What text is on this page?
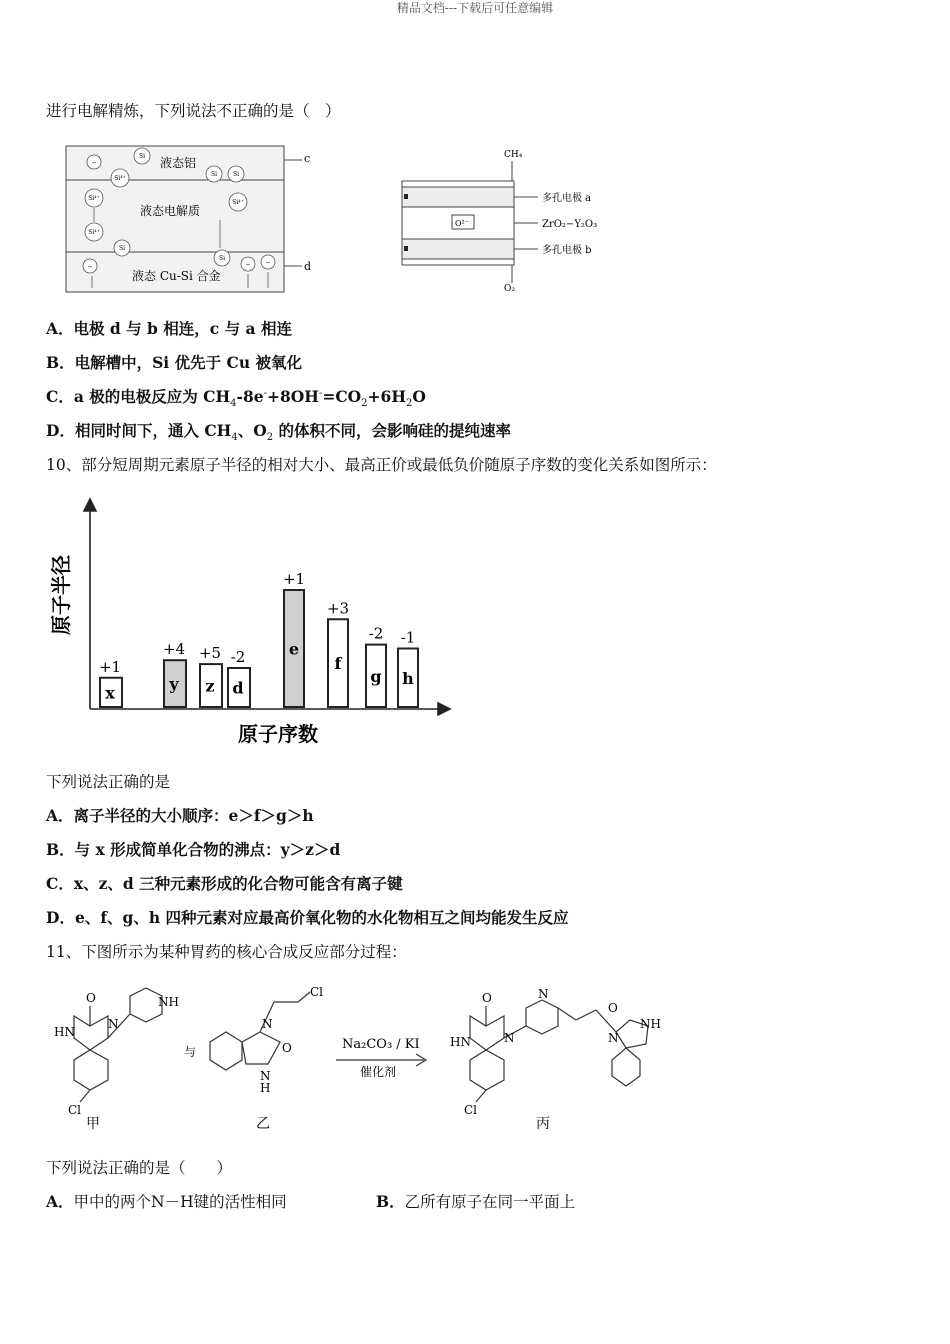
精品文档---下载后可任意编辑
进行电解精炼，下列说法不正确的是（　）
c
d
液态铝
液态电解质
液态 Cu-Si 合金
Si
Si⁴⁺
Si	Si
Si⁴⁺
Si⁴⁺
Si⁴⁺
Si
Si
−
−	− −
CH₄
O²⁻
O₂
多孔电极 a
ZrO₂−Y₂O₃
多孔电极 b
A．电极 d 与 b 相连，c 与 a 相连
B．电解槽中，Si 优先于 Cu 被氧化
C．a 极的电极反应为 $CH_4-8e^-+8OH^-=CO_2+6H_2O$
D．相同时间下，通入 $CH_4$、$O_2$ 的体积不同，会影响硅的提纯速率
10、部分短周期元素原子半径的相对大小、最高正价或最低负价随原子序数的变化关系如图所示：
原子半径
原子序数
x
+1
y
+4
z
+5
d
-2	e
+1
f
+3
g
-2
h
-1
下列说法正确的是
A．离子半径的大小顺序：e＞f＞g＞h
B．与 x 形成简单化合物的沸点：y＞z＞d
C．x、z、d 三种元素形成的化合物可能含有离子键
D．e、f、g、h 四种元素对应最高价氧化物的水化物相互之间均能发生反应
11、下图所示为某种胃药的核心合成反应部分过程：
O
HN
N
NH
Cl
与
N
O
N
H
Cl
Na₂CO₃ / KI
催化剂
O
HN	N
N
Cl
N
O
NH
甲	乙	丙
下列说法正确的是（　　）
A．甲中的两个N－H键的活性相同	B．乙所有原子在同一平面上
